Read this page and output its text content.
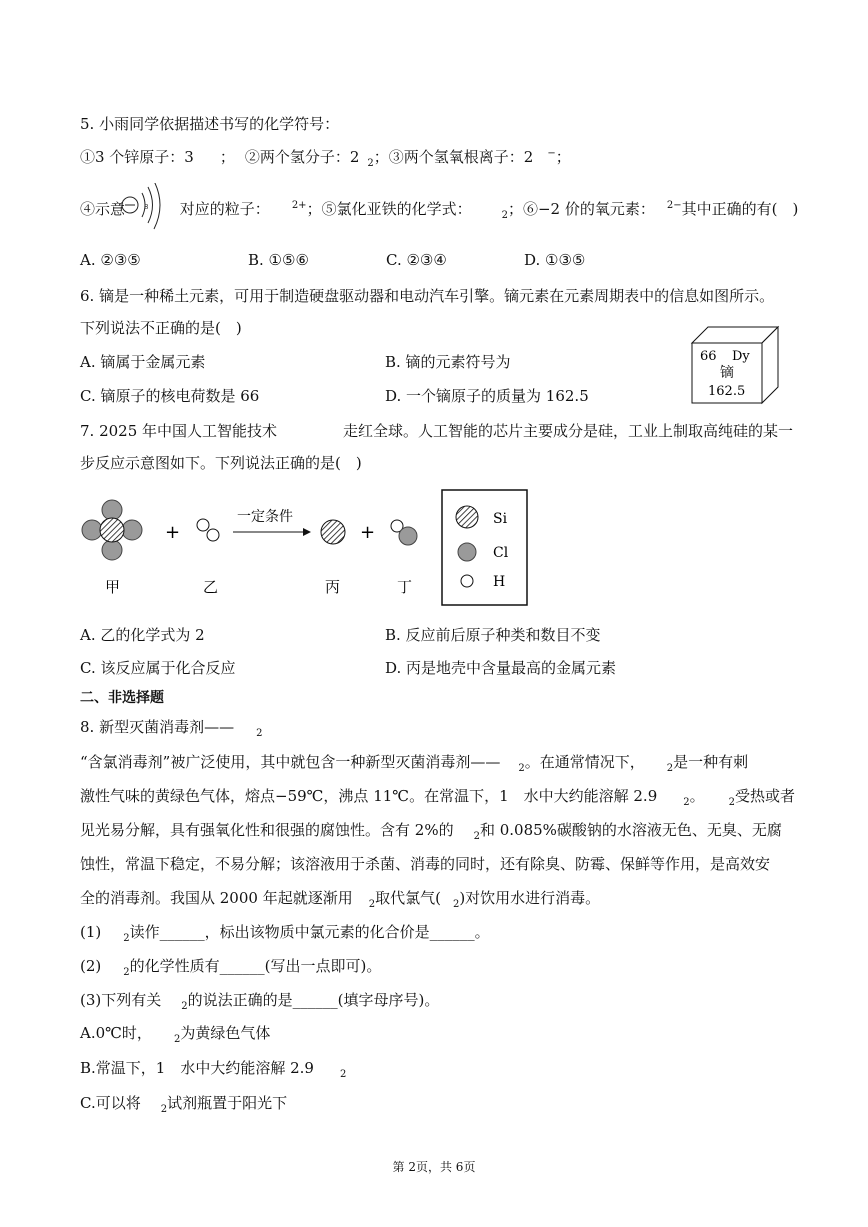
5. 小雨同学依据描述书写的化学符号：
①3 个锌原子：3 ； ②两个氢分子：2 $_2$；③两个氢氧根离子：2 −；
④示意	8 对应的粒子： $^{2+}$；⑤氯化亚铁的化学式：	$_2$；⑥−2 价的氧元素： $^{2-}$其中正确的有(　)
A. ②③⑤	B. ①⑤⑥	C. ②③④	D. ①③⑤
6. 镝是一种稀土元素，可用于制造硬盘驱动器和电动汽车引擎。镝元素在元素周期表中的信息如图所示。
下列说法不正确的是(　)
A. 镝属于金属元素	B. 镝的元素符号为
C. 镝原子的核电荷数是 66	D. 一个镝原子的质量为 162.5
66 Dy
镝
162.5
7. 2025 年中国人工智能技术	走红全球。人工智能的芯片主要成分是硅，工业上制取高纯硅的某一
步反应示意图如下。下列说法正确的是(　)
+
一定条件
+
甲	乙	丙	丁
Si
Cl
H
A. 乙的化学式为 2	B. 反应前后原子种类和数目不变
C. 该反应属于化合反应	D. 丙是地壳中含量最高的金属元素
二、非选择题
8. 新型灭菌消毒剂—— $_2$
“含氯消毒剂”被广泛使用，其中就包含一种新型灭菌消毒剂—— $_2$。在通常情况下， $_2$是一种有刺
激性气味的黄绿色气体，熔点−59℃，沸点 11℃。在常温下，1　水中大约能溶解 2.9	$_2$。 $_2$受热或者
见光易分解，具有强氧化性和很强的腐蚀性。含有 2%的 $_2$和 0.085%碳酸钠的水溶液无色、无臭、无腐
蚀性，常温下稳定，不易分解；该溶液用于杀菌、消毒的同时，还有除臭、防霉、保鲜等作用，是高效安
全的消毒剂。我国从 2000 年起就逐渐用 $_2$取代氯气( $_2$)对饮用水进行消毒。
(1) $_2$读作______，标出该物质中氯元素的化合价是______。
(2) $_2$的化学性质有______(写出一点即可)。
(3)下列有关 $_2$的说法正确的是______(填字母序号)。
A.0℃时， $_2$为黄绿色气体
B.常温下，1　水中大约能溶解 2.9	$_2$
C.可以将 $_2$试剂瓶置于阳光下
第 2页，共 6页
